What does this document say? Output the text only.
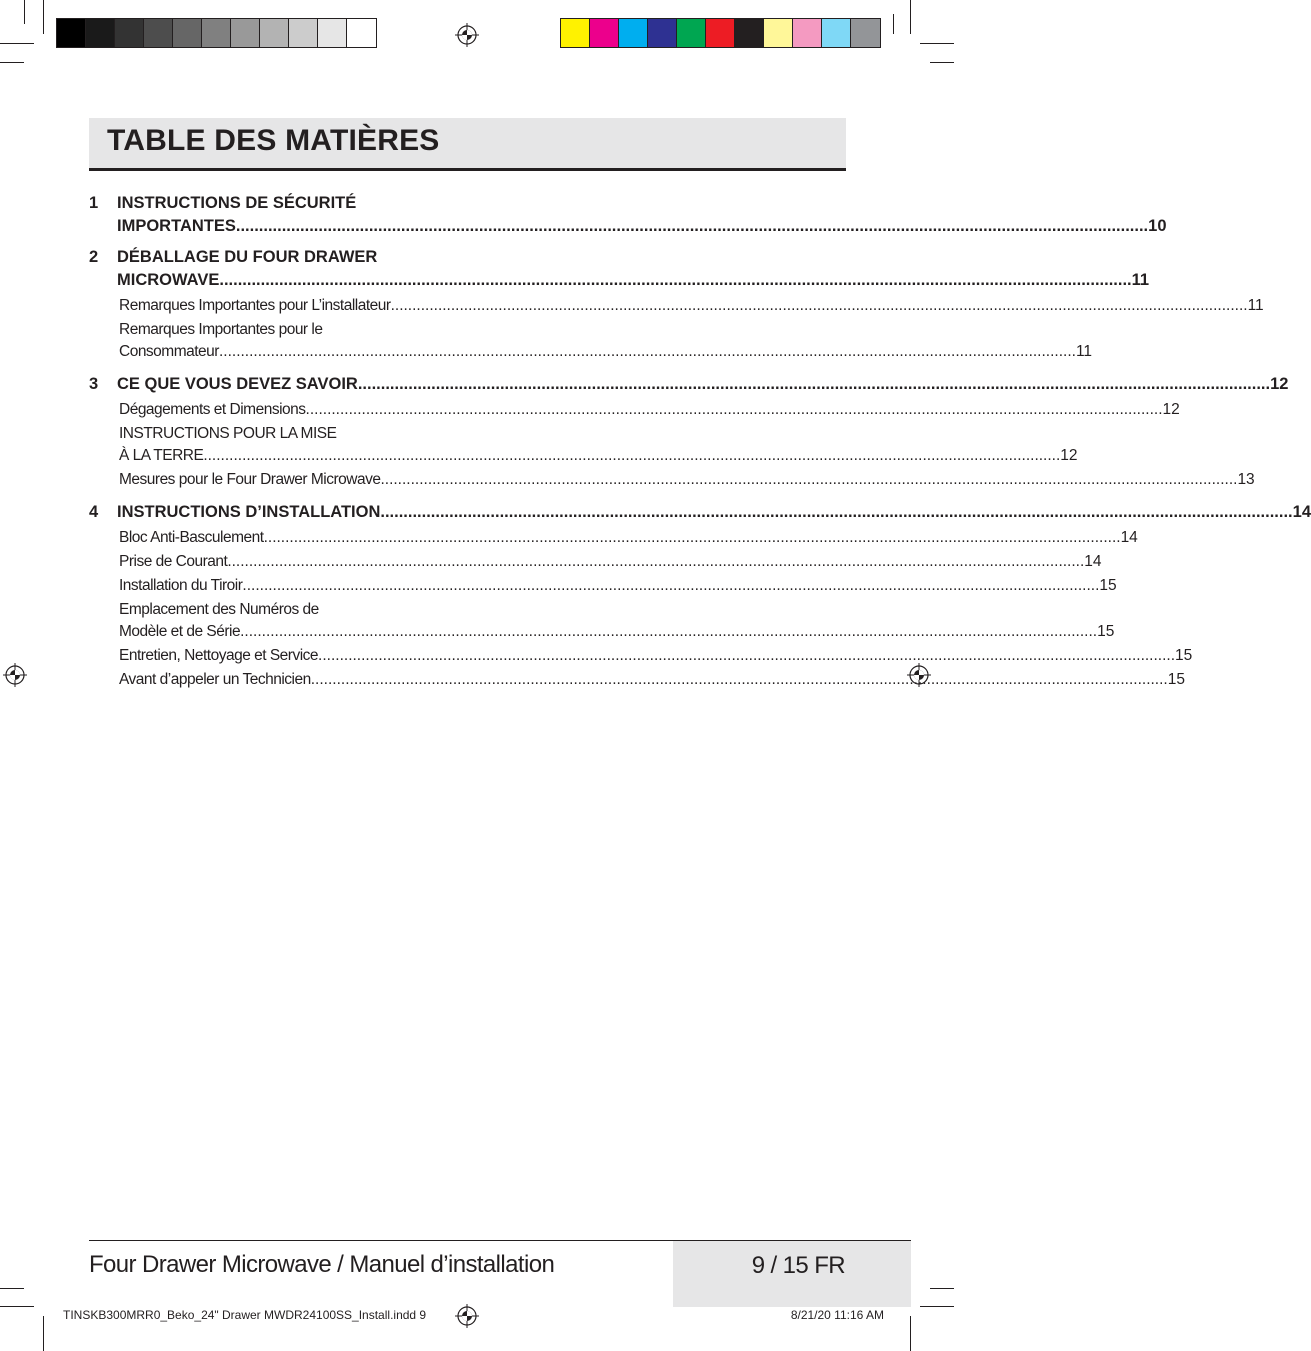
TABLE DES MATIÈRES
1	INSTRUCTIONS DE SÉCURITÉ
IMPORTANTES .....	10
2	DÉBALLAGE DU FOUR DRAWER
MICROWAVE .....	11
Remarques Importantes pour L’installateur .....	11
Remarques Importantes pour le
Consommateur .....	11
3	CE QUE VOUS DEVEZ SAVOIR .....	12
Dégagements et Dimensions .....	12
INSTRUCTIONS POUR LA MISE
À LA TERRE .....	12
Mesures pour le Four Drawer Microwave .....	13
4	INSTRUCTIONS D’INSTALLATION .....	14
Bloc Anti-Basculement .....	14
Prise de Courant .....	14
Installation du Tiroir .....	15
Emplacement des Numéros de
Modèle et de Série .....	15
Entretien, Nettoyage et Service .....	15
Avant d’appeler un Technicien .....	15
Four Drawer Microwave / Manuel d’installation	9 / 15 FR
TINSKB300MRR0_Beko_24" Drawer MWDR24100SS_Install.indd 9	8/21/20 11:16 AM
